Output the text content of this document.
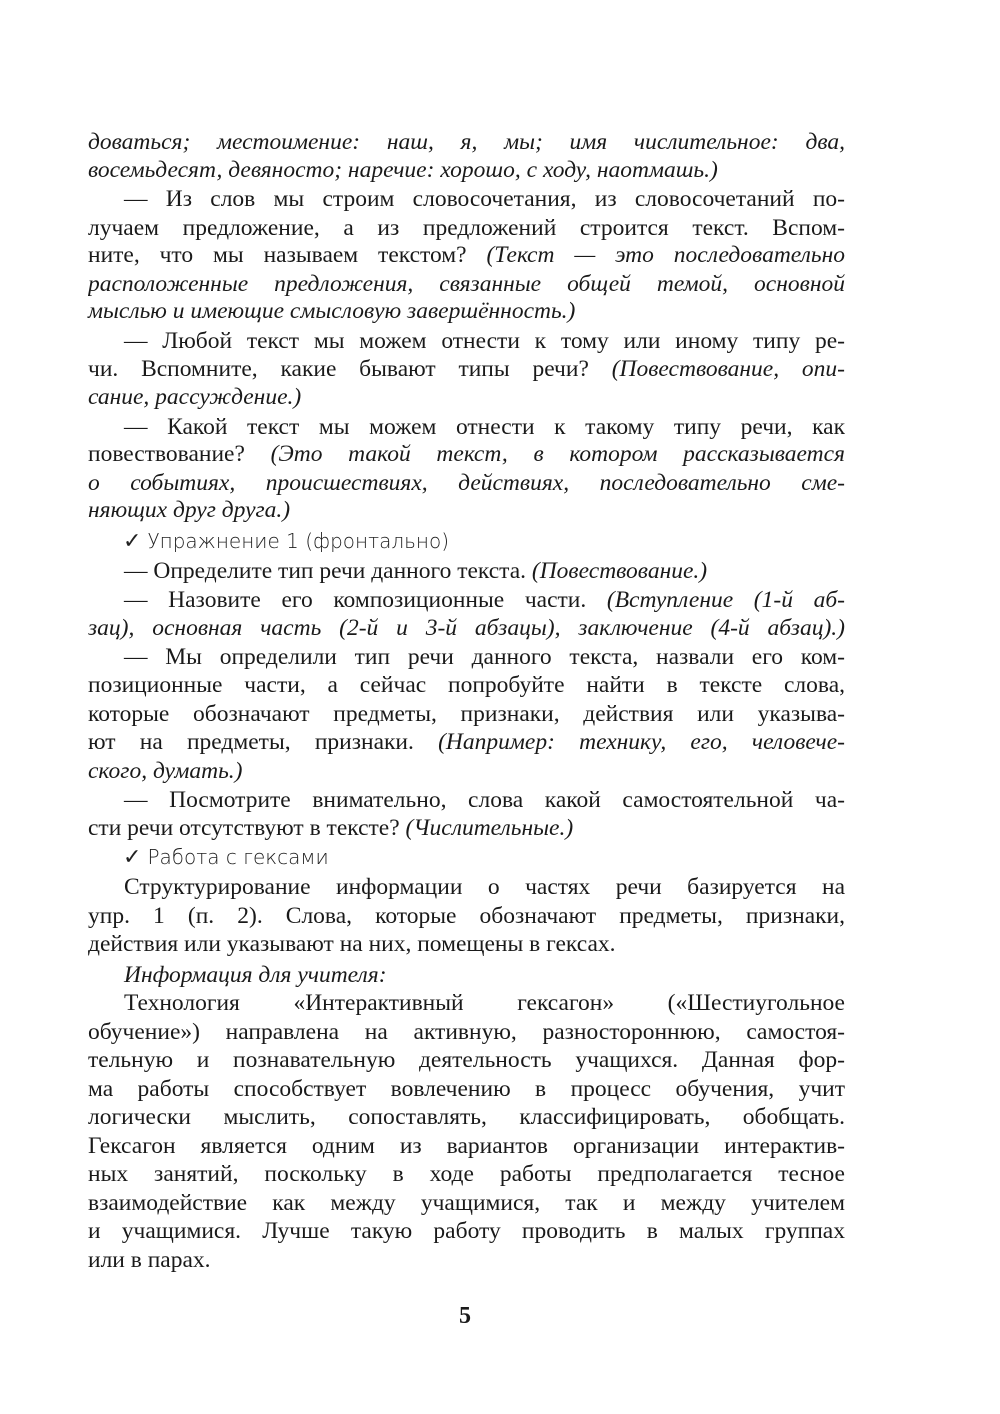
доваться; местоимение: наш, я, мы; имя числительное: два,
восемьдесят, девяносто; наречие: хорошо, с ходу, наотмашь.)
— Из слов мы строим словосочетания, из словосочетаний по-
лучаем предложение, а из предложений строится текст. Вспом-
ните, что мы называем текстом? (Текст — это последовательно
расположенные предложения, связанные общей темой, основной
мыслью и имеющие смысловую завершённость.)
— Любой текст мы можем отнести к тому или иному типу ре-
чи. Вспомните, какие бывают типы речи? (Повествование, опи-
сание, рассуждение.)
— Какой текст мы можем отнести к такому типу речи, как
повествование? (Это такой текст, в котором рассказывается
о событиях, происшествиях, действиях, последовательно сме-
няющих друг друга.)
— Определите тип речи данного текста. (Повествование.)
— Назовите его композиционные части. (Вступление (1-й аб-
зац), основная часть (2-й и 3-й абзацы), заключение (4-й абзац).)
— Мы определили тип речи данного текста, назвали его ком-
позиционные части, а сейчас попробуйте найти в тексте слова,
которые обозначают предметы, признаки, действия или указыва-
ют на предметы, признаки. (Например: технику, его, человече-
ского, думать.)
— Посмотрите внимательно, слова какой самостоятельной ча-
сти речи отсутствуют в тексте? (Числительные.)
Структурирование информации о частях речи базируется на
упр. 1 (п. 2). Слова, которые обозначают предметы, признаки,
действия или указывают на них, помещены в гексах.
Информация для учителя:
Технология «Интерактивный гексагон» («Шестиугольное
обучение») направлена на активную, разностороннюю, самостоя-
тельную и познавательную деятельность учащихся. Данная фор-
ма работы способствует вовлечению в процесс обучения, учит
логически мыслить, сопоставлять, классифицировать, обобщать.
Гексагон является одним из вариантов организации интерактив-
ных занятий, поскольку в ходе работы предполагается тесное
взаимодействие как между учащимися, так и между учителем
и учащимися. Лучше такую работу проводить в малых группах
или в парах.
✓ Упражнение 1 (фронтально)
✓ Работа с гексами
5
